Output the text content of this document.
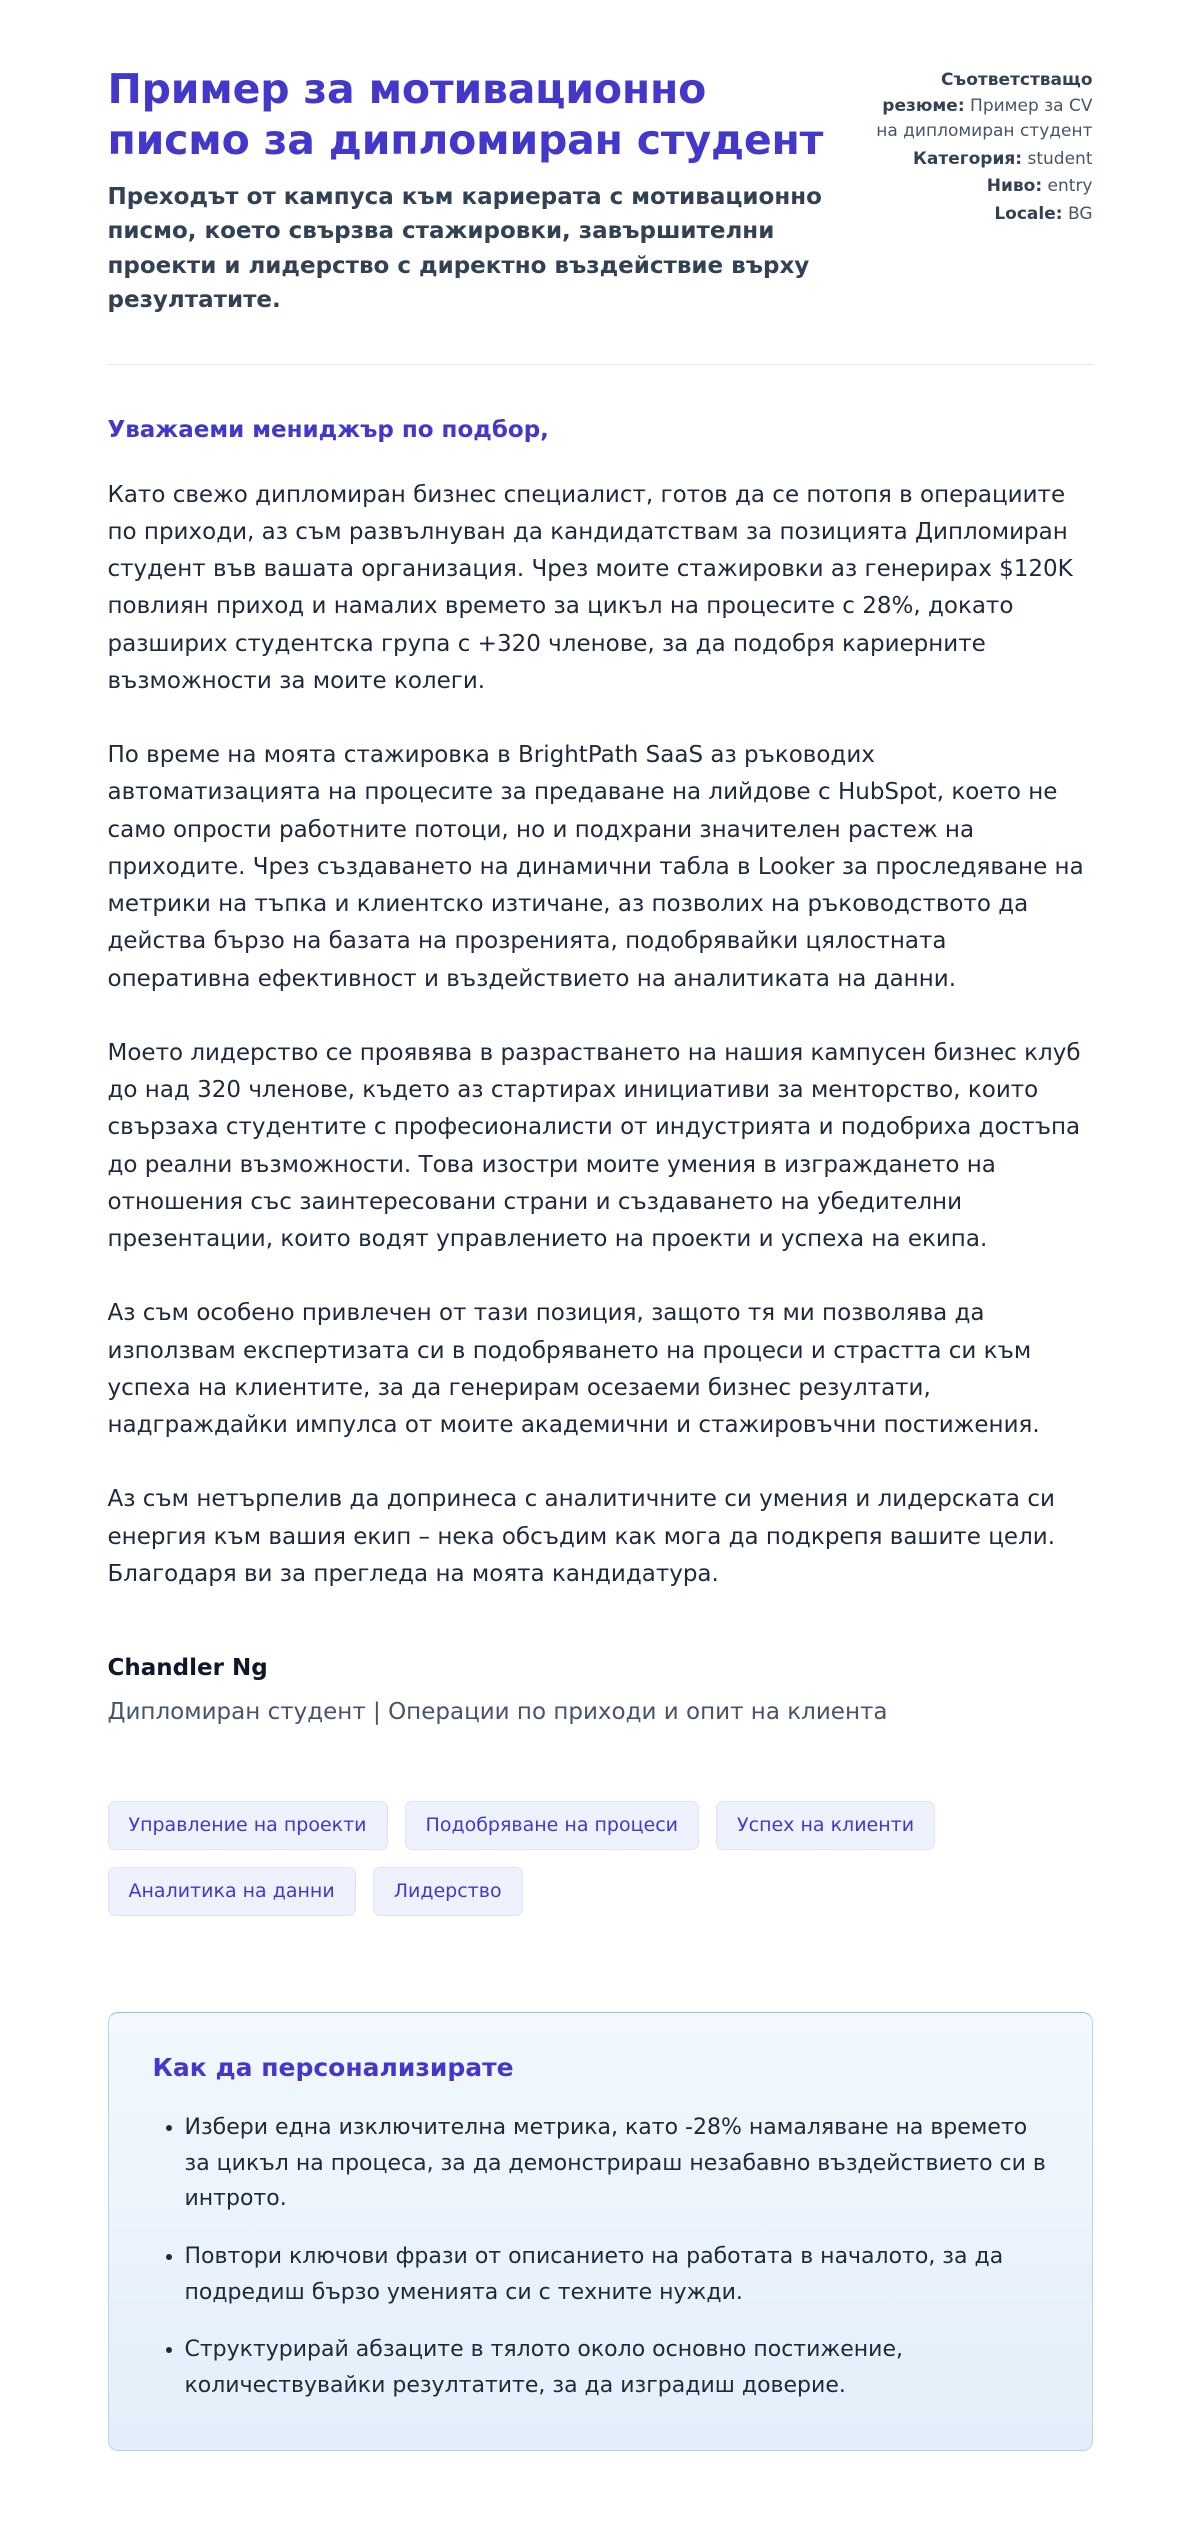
Пример за мотивационно писмо за дипломиран студент

Преходът от кампуса към кариерата с мотивационно писмо, което свързва стажировки, завършителни проекти и лидерство с директно въздействие върху резултатите.

Съответстващо резюме: Пример за CV на дипломиран студент
Категория: student
Ниво: entry
Locale: BG

Уважаеми мениджър по подбор,

Като свежо дипломиран бизнес специалист, готов да се потопя в операциите по приходи, аз съм развълнуван да кандидатствам за позицията Дипломиран студент във вашата организация. Чрез моите стажировки аз генерирах $120K повлиян приход и намалих времето за цикъл на процесите с 28%, докато разширих студентска група с +320 членове, за да подобря кариерните възможности за моите колеги.

По време на моята стажировка в BrightPath SaaS аз ръководих автоматизацията на процесите за предаване на лийдове с HubSpot, което не само опрости работните потоци, но и подхрани значителен растеж на приходите. Чрез създаването на динамични табла в Looker за проследяване на метрики на тъпка и клиентско изтичане, аз позволих на ръководството да действа бързо на базата на прозренията, подобрявайки цялостната оперативна ефективност и въздействието на аналитиката на данни.

Моето лидерство се проявява в разрастването на нашия кампусен бизнес клуб до над 320 членове, където аз стартирах инициативи за менторство, които свързаха студентите с професионалисти от индустрията и подобриха достъпа до реални възможности. Това изостри моите умения в изграждането на отношения със заинтересовани страни и създаването на убедителни презентации, които водят управлението на проекти и успеха на екипа.

Аз съм особено привлечен от тази позиция, защото тя ми позволява да използвам експертизата си в подобряването на процеси и страстта си към успеха на клиентите, за да генерирам осезаеми бизнес резултати, надграждайки импулса от моите академични и стажировъчни постижения.

Аз съм нетърпелив да допринеса с аналитичните си умения и лидерската си енергия към вашия екип – нека обсъдим как мога да подкрепя вашите цели. Благодаря ви за прегледа на моята кандидатура.

Chandler Ng

Дипломиран студент | Операции по приходи и опит на клиента

Управление на проекти	Подобряване на процеси	Успех на клиенти
Аналитика на данни	Лидерство

Как да персонализирате

• Избери една изключителна метрика, като -28% намаляване на времето за цикъл на процеса, за да демонстрираш незабавно въздействието си в интрото.
• Повтори ключови фрази от описанието на работата в началото, за да подредиш бързо уменията си с техните нужди.
• Структурирай абзаците в тялото около основно постижение, количествувайки резултатите, за да изградиш доверие.
